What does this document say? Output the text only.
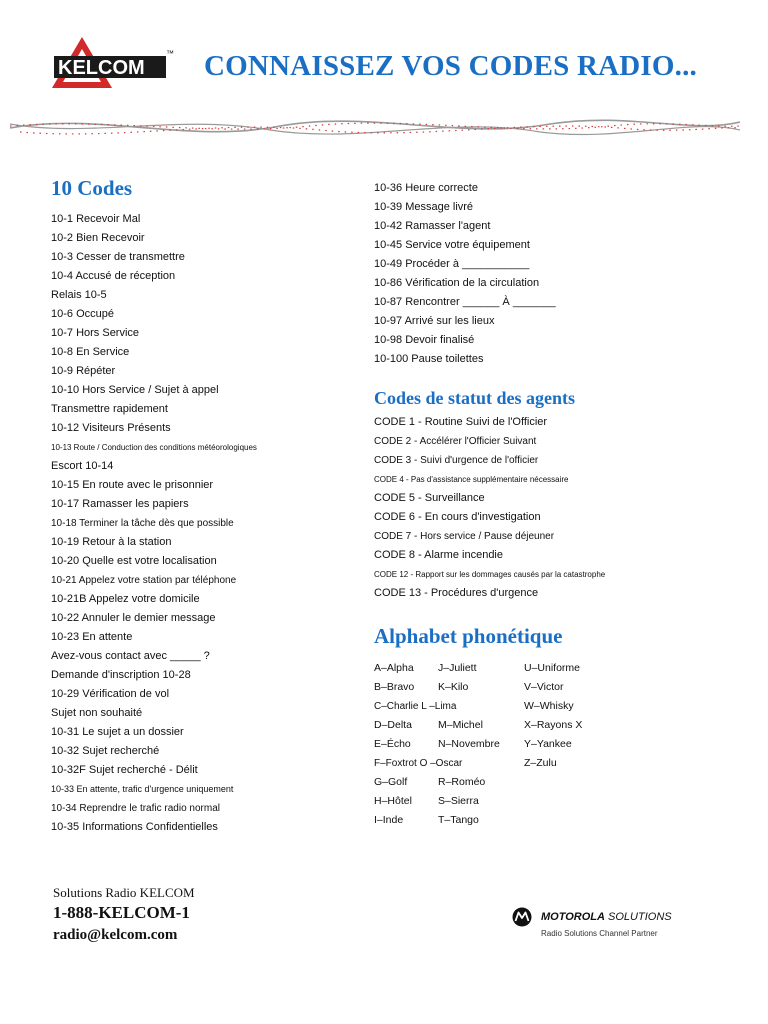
KELCOM
™ CONNAISSEZ VOS CODES RADIO...
10 Codes
10-1 Recevoir Mal
10-2 Bien Recevoir
10-3 Cesser de transmettre
10-4 Accusé de réception
Relais 10-5
10-6 Occupé
10-7 Hors Service
10-8 En Service
10-9 Répéter
10-10 Hors Service / Sujet à appel
Transmettre rapidement
10-12 Visiteurs Présents
10-13 Route / Conduction des conditions météorologiques
Escort 10-14
10-15 En route avec le prisonnier
10-17 Ramasser les papiers
10-18 Terminer la tâche dès que possible
10-19 Retour à la station
10-20 Quelle est votre localisation
10-21 Appelez votre station par téléphone
10-21B Appelez votre domicile
10-22 Annuler le demier message
10-23 En attente
Avez-vous contact avec _____ ?
Demande d'inscription 10-28
10-29 Vérification de vol
Sujet non souhaité
10-31 Le sujet a un dossier
10-32 Sujet recherché
10-32F Sujet recherché - Délit
10-33 En attente, trafic d'urgence uniquement
10-34 Reprendre le trafic radio normal
10-35 Informations Confidentielles
10-36 Heure correcte
10-39 Message livré
10-42 Ramasser l'agent
10-45 Service votre équipement
10-49 Procéder à ___________
10-86 Vérification de la circulation
10-87 Rencontrer ______ À _______
10-97 Arrivé sur les lieux
10-98 Devoir finalisé
10-100 Pause toilettes
Codes de statut des agents
CODE 1 - Routine Suivi de l'Officier
CODE 2 - Accélérer l'Officier Suivant
CODE 3 - Suivi d'urgence de l'officier
CODE 4 - Pas d'assistance supplémentaire nécessaire
CODE 5 - Surveillance
CODE 6 - En cours d'investigation
CODE 7 - Hors service / Pause déjeuner
CODE 8 - Alarme incendie
CODE 12 - Rapport sur les dommages causés par la catastrophe
CODE 13 - Procédures d'urgence
Alphabet phonétique
A–Alpha
B–Bravo
C–Charlie L –Lima
D–Delta
E–Écho
F–Foxtrot O –Oscar
G–Golf
H–Hôtel
I–Inde
J–Juliett
K–Kilo
M–Michel
N–Novembre
R–Roméo
S–Sierra
T–Tango
U–Uniforme
V–Victor
W–Whisky
X–Rayons X
Y–Yankee
Z–Zulu
Solutions Radio KELCOM
1-888-KELCOM-1
radio@kelcom.com
MOTOROLA SOLUTIONS
Radio Solutions Channel Partner
